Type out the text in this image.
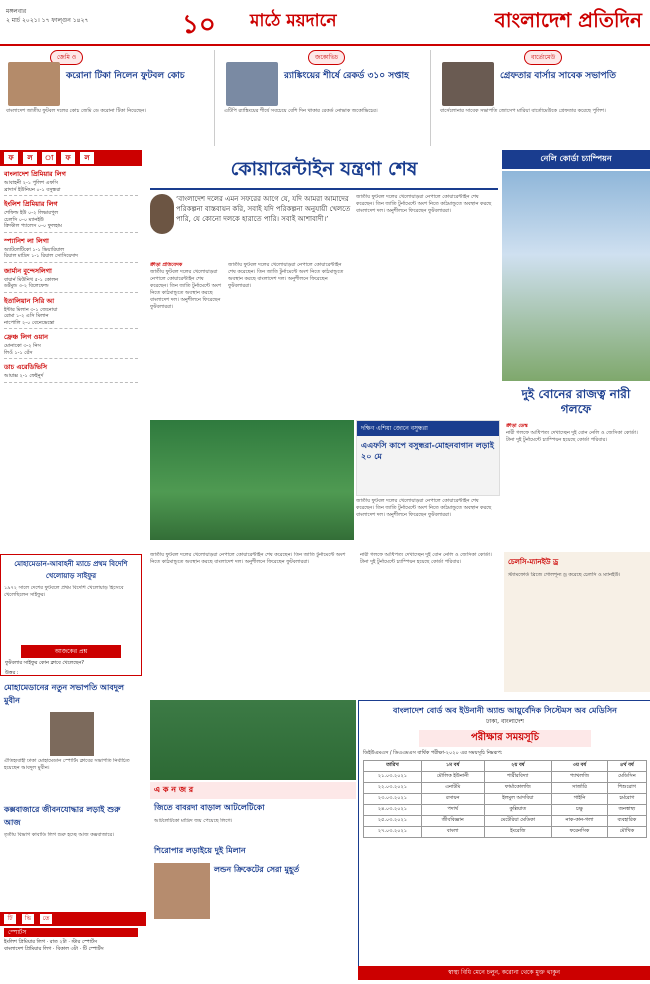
মঙ্গলবার
২ মার্চ ২০২১। ১৭ ফাল্গুন ১৪২৭	১০ মাঠে ময়দানে	বাংলাদেশ প্রতিদিন
জেমি ও
করোনা টিকা নিলেন ফুটবল কোচ

বাংলাদেশ জাতীয় ফুটবল দলের কোচ জেমি ডে করোনা টিকা নিয়েছেন।

জকোভিচ
র‍্যাঙ্কিংয়ের শীর্ষে রেকর্ড ৩১০ সপ্তাহ

এটিপি র‍্যাঙ্কিংয়ের শীর্ষে সবচেয়ে বেশি দিন থাকার রেকর্ড নোভাক জকোভিচের।

বার্তোমেউ
গ্রেফতার বার্সার সাবেক সভাপতি

বার্সেলোনার সাবেক সভাপতি জোসেপ মারিয়া বার্তোমেউকে গ্রেফতার করেছে পুলিশ।

ফ	ল	া	ফ	ল
বাংলাদেশ প্রিমিয়ার লিগ
আবাহনী ২-১ পুলিশ এফসি
ব্রাদার্স ইউনিয়ন ০-১ বসুন্ধরা
ইংলিশ প্রিমিয়ার লিগ
শেফিল্ড ইউ ০-২ লিভারপুল
চেলসি ০-০ ম্যানইউ
ক্রিস্টাল প্যালেস ০-০ ফুলহাম
স্প্যানিশ লা লিগা
অ্যাটলেটিকো ১-১ ভিয়ারিয়াল
রিয়াল মাদ্রিদ ১-১ রিয়াল সোসিয়েদাদ
জার্মান বুন্দেসলিগা
বায়ার্ন মিউনিখ ৫-১ কোলন
ডর্টমুন্ড ৩-২ বিলেফেল্ড
ইতালিয়ান সিরি আ
ইন্টার মিলান ৩-১ জেনোয়া
রোমা ১-২ এসি মিলান
নাপোলি ২-০ বেনেভেন্তো
ফ্রেঞ্চ লিগ ওয়ান
মোনাকো ৩-২ নিস
লিওঁ ১-১ রেঁস
ডাচ এরেডিভিসি
আয়াক্স ২-১ ফেইনুর্দ
কোয়ারেন্টাইন যন্ত্রণা শেষ
‘বাংলাদেশ দলের এমন সফরের আগে যে, যদি আমরা আমাদের পরিকল্পনা বাস্তবায়ন করি, সবাই যদি পরিকল্পনা অনুযায়ী খেলতে পারি, যে কোনো দলকে হারাতে পারি। সবাই আশাবাদী।’
ক্রীড়া প্রতিবেদক
জাতীয় ফুটবল দলের খেলোয়াড়রা নেপালে কোয়ারেন্টাইন শেষ করেছেন। তিন জাতি টুর্নামেন্টে অংশ নিতে কাঠমান্ডুতে অবস্থান করছে বাংলাদেশ দল। অনুশীলনে ফিরেছেন ফুটবলাররা।
জাতীয় ফুটবল দলের খেলোয়াড়রা নেপালে কোয়ারেন্টাইন শেষ করেছেন। তিন জাতি টুর্নামেন্টে অংশ নিতে কাঠমান্ডুতে অবস্থান করছে বাংলাদেশ দল। অনুশীলনে ফিরেছেন ফুটবলাররা।
জাতীয় ফুটবল দলের খেলোয়াড়রা নেপালে কোয়ারেন্টাইন শেষ করেছেন। তিন জাতি টুর্নামেন্টে অংশ নিতে কাঠমান্ডুতে অবস্থান করছে বাংলাদেশ দল। অনুশীলনে ফিরেছেন ফুটবলাররা।
দক্ষিণ এশিয়া জোনে বসুন্ধরা
এএফসি কাপে বসুন্ধরা-মোহনবাগান লড়াই ২০ মে
জাতীয় ফুটবল দলের খেলোয়াড়রা নেপালে কোয়ারেন্টাইন শেষ করেছেন। তিন জাতি টুর্নামেন্টে অংশ নিতে কাঠমান্ডুতে অবস্থান করছে বাংলাদেশ দল। অনুশীলনে ফিরেছেন ফুটবলাররা।
নেলি কোর্ডা চ্যাম্পিয়ন
দুই বোনের রাজত্ব নারী গলফে
ক্রীড়া ডেস্ক
নারী গলফে আধিপত্য দেখাচ্ছেন দুই বোন নেলি ও জেসিকা কোর্ডা। টানা দুই টুর্নামেন্টে চ্যাম্পিয়ন হয়েছে কোর্ডা পরিবার।
মোহামেডান-আবাহনী ম্যাচে প্রথম বিদেশি খেলোয়াড় সাইফুর
১৯৭২ সালে দেশের ফুটবলে প্রথম বিদেশি খেলোয়াড় হিসেবে খেলেছিলেন সাইফুর।
আজকের প্রশ্ন
ফুটবলার সাইফুর কোন ক্লাবে খেলেছেন?
উত্তর :
মোহামেডানের নতুন সভাপতি আবদুল মুবীন
ঐতিহ্যবাহী ঢাকা মোহামেডান স্পোর্টিং ক্লাবের সভাপতি নির্বাচিত হয়েছেন আবদুল মুবীন।
কক্সবাজারে জীবনযোদ্ধার লড়াই শুরু আজ
তৃতীয় বিভাগ কাবাডি লিগ শুরু হচ্ছে আজ কক্সবাজারে।
টি	ভি	তে
স্পোর্টস
ইংলিশ প্রিমিয়ার লিগ · রাত ২টা · স্টার স্পোর্টস
বাংলাদেশ প্রিমিয়ার লিগ · বিকাল ৩টা · টি স্পোর্টস
জাতীয় ফুটবল দলের খেলোয়াড়রা নেপালে কোয়ারেন্টাইন শেষ করেছেন। তিন জাতি টুর্নামেন্টে অংশ নিতে কাঠমান্ডুতে অবস্থান করছে বাংলাদেশ দল। অনুশীলনে ফিরেছেন ফুটবলাররা।
নারী গলফে আধিপত্য দেখাচ্ছেন দুই বোন নেলি ও জেসিকা কোর্ডা। টানা দুই টুর্নামেন্টে চ্যাম্পিয়ন হয়েছে কোর্ডা পরিবার।	চেলসি-ম্যানইউ ড্র
স্ট্যামফোর্ড ব্রিজে গোলশূন্য ড্র করেছে চেলসি ও ম্যানইউ।
এ ক ন জ র
জিতে বাবরদা বাড়াল আটলেটিকো
আটলেটিকো মাদ্রিদ জয় পেয়েছে লিগে।
শিরোপার লড়াইয়ে দুই মিলান
লন্ডন ক্রিকেটের সেরা মুহূর্ত
বাংলাদেশ বোর্ড অব ইউনানী অ্যান্ড আয়ুর্বেদিক সিস্টেমস অব মেডিসিন
ঢাকা, বাংলাদেশ
পরীক্ষার সময়সূচি
ডিইউএমএস / ডিএএমএস বার্ষিক পরীক্ষা-২০২০ এর সময়সূচি নিম্নরূপ:
তারিখ	১ম বর্ষ	২য় বর্ষ	৩য় বর্ষ	৪র্থ বর্ষ
২১.০৩.২০২১	মৌলিক ইউনানী	শারীরবিদ্যা	প্যাথলজি	মেডিসিন
২২.০৩.২০২১	এনাটমি	ফার্মাকোলজি	সার্জারি	শিশুরোগ
২৩.০৩.২০২১	রসায়ন	ইলমুল আদবিয়া	গাইনি	চর্মরোগ
২৪.০৩.২০২১	পদার্থ	কুল্লিয়াত	চক্ষু	জনস্বাস্থ্য
২৫.০৩.২০২১	জীববিজ্ঞান	মেটেরিয়া মেডিকা	নাক-কান-গলা	ব্যবহারিক
২৭.০৩.২০২১	বাংলা	ইংরেজি	ফরেনসিক	মৌখিক
স্বাস্থ্য বিধি মেনে চলুন, করোনা থেকে মুক্ত থাকুন
